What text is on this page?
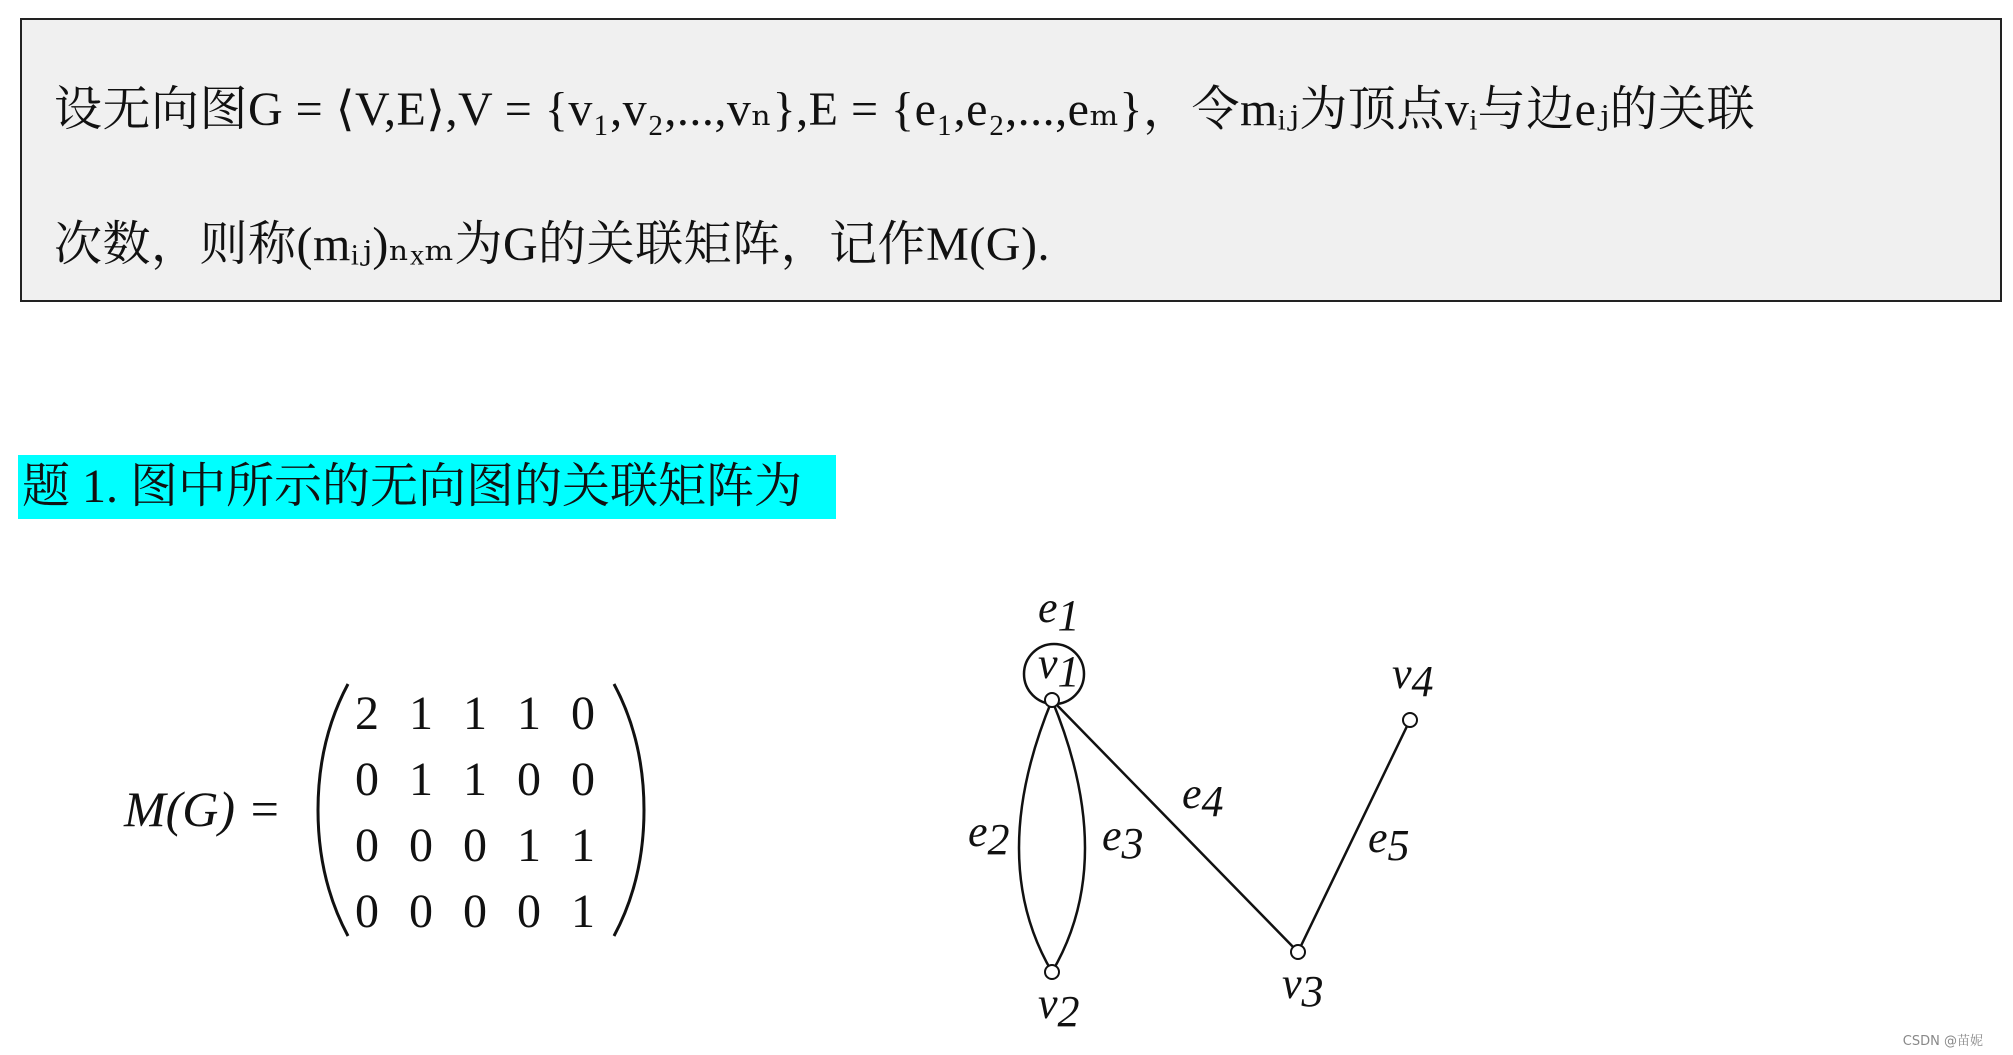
设无向图G = ⟨V,E⟩,V = {v₁,v₂,...,vₙ},E = {e₁,e₂,...,eₘ}，令mᵢⱼ为顶点vᵢ与边eⱼ的关联
次数，则称(mᵢⱼ)ₙₓₘ为G的关联矩阵，记作M(G).
题 1. 图中所示的无向图的关联矩阵为
M(G) =
2 1 1 1 0
0 1 1 0 0
0 0 0 1 1
0 0 0 0 1
v1
v2
v3
v4
e1
e2 e3
e4
e5
CSDN @苗妮
